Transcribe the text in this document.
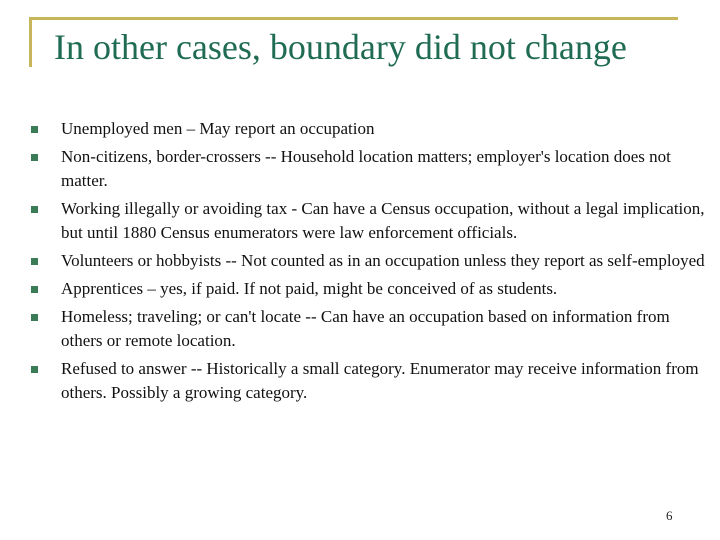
In other cases, boundary did not change
Unemployed men – May report an occupation
Non-citizens, border-crossers -- Household location matters; employer's location does not matter.
Working illegally or avoiding tax - Can have a Census occupation, without a legal implication, but until 1880 Census enumerators were law enforcement officials.
Volunteers or hobbyists -- Not counted as in an occupation unless they report as self-employed
Apprentices – yes, if paid. If not paid, might be conceived of as students.
Homeless; traveling; or can't locate -- Can have an occupation based on information from others or remote location.
Refused to answer -- Historically a small category. Enumerator may receive information from others. Possibly a growing category.
6
